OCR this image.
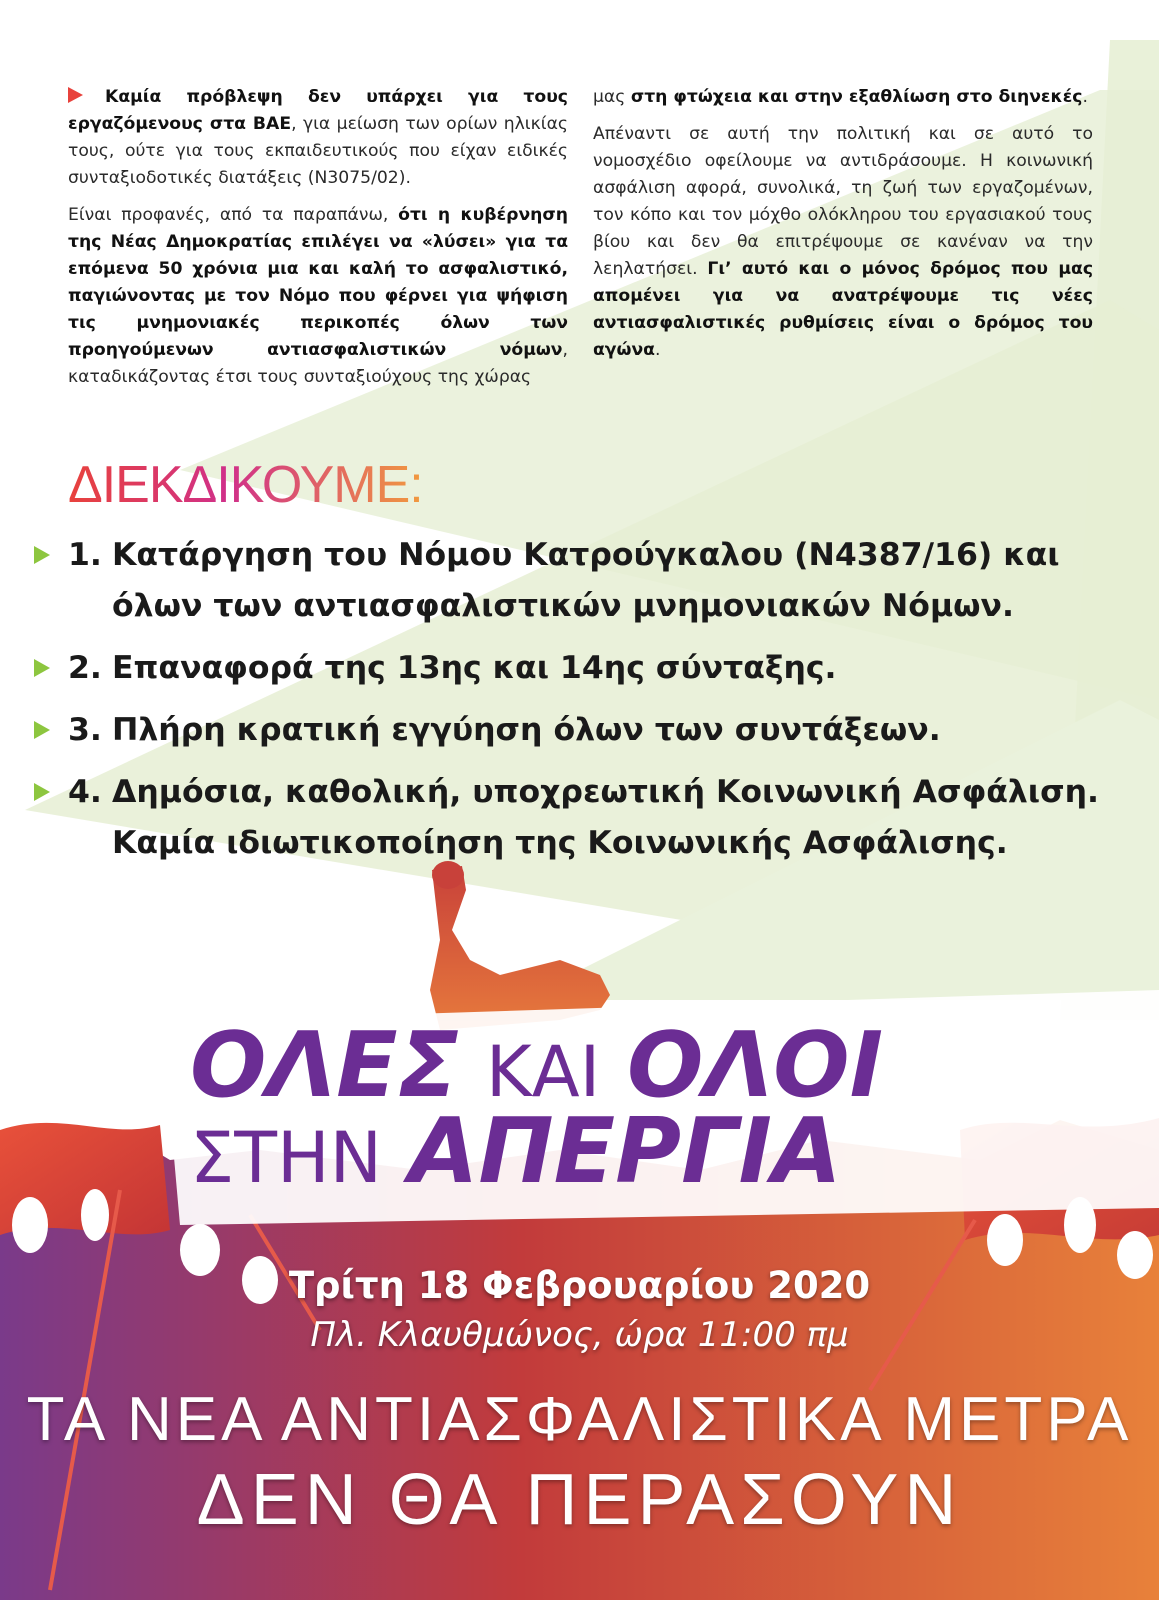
Καμία πρόβλεψη δεν υπάρχει για τους εργαζόμενους στα ΒΑΕ, για μείωση των ορίων ηλικίας τους, ούτε για τους εκπαιδευτικούς που είχαν ειδικές συνταξιοδοτικές διατάξεις (Ν3075/02).

Είναι προφανές, από τα παραπάνω, ότι η κυβέρνηση της Νέας Δημοκρατίας επιλέγει να «λύσει» για τα επόμενα 50 χρόνια μια και καλή το ασφαλιστικό, παγιώνοντας με τον Νόμο που φέρνει για ψήφιση τις μνημονιακές περικοπές όλων των προηγούμενων αντιασφαλιστικών νόμων, καταδικάζοντας έτσι τους συνταξιούχους της χώρας

μας στη φτώχεια και στην εξαθλίωση στο διηνεκές.

Απέναντι σε αυτή την πολιτική και σε αυτό το νομοσχέδιο οφείλουμε να αντιδράσουμε. Η κοινωνική ασφάλιση αφορά, συνολικά, τη ζωή των εργαζομένων, τον κόπο και τον μόχθο ολόκληρου του εργασιακού τους βίου και δεν θα επιτρέψουμε σε κανέναν να την λεηλατήσει. Γι’ αυτό και ο μόνος δρόμος που μας απομένει για να ανατρέψουμε τις νέες αντιασφαλιστικές ρυθμίσεις είναι ο δρόμος του αγώνα.

ΔΙΕΚΔΙΚΟΥΜΕ:
1. Κατάργηση του Νόμου Κατρούγκαλου (Ν4387/16) και όλων των αντιασφαλιστικών μνημονιακών Νόμων.
2. Επαναφορά της 13ης και 14ης σύνταξης.
3. Πλήρη κρατική εγγύηση όλων των συντάξεων.
4. Δημόσια, καθολική, υποχρεωτική Κοινωνική Ασφάλιση. Καμία ιδιωτικοποίηση της Κοινωνικής Ασφάλισης.
ΟΛΕΣ ΚΑΙ ΟΛΟΙ
ΣΤΗΝ ΑΠΕΡΓΙΑ
Τρίτη 18 Φεβρουαρίου 2020
Πλ. Κλαυθμώνος, ώρα 11:00 πμ
ΤΑ ΝΕΑ ΑΝΤΙΑΣΦΑΛΙΣΤΙΚΑ ΜΕΤΡΑ
ΔΕΝ ΘΑ ΠΕΡΑΣΟΥΝ
